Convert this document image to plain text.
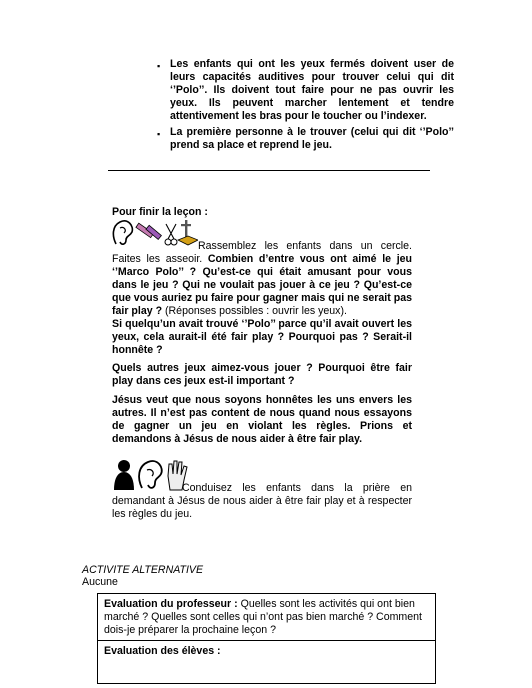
▪ Les enfants qui ont les yeux fermés doivent user de leurs capacités auditives pour trouver celui qui dit ‘’Polo’’. Ils doivent tout faire pour ne pas ouvrir les yeux. Ils peuvent marcher lentement et tendre attentivement les bras pour le toucher ou l’indexer.
▪ La première personne à le trouver (celui qui dit ‘’Polo’’ prend sa place et reprend le jeu.
Pour finir la leçon :
Rassemblez les enfants dans un cercle. Faites les asseoir. Combien d’entre vous ont aimé le jeu ‘’Marco Polo’’ ? Qu’est-ce qui était amusant pour vous dans le jeu ? Qui ne voulait pas jouer à ce jeu ? Qu’est-ce que vous auriez pu faire pour gagner mais qui ne serait pas fair play ? (Réponses possibles : ouvrir les yeux).
Si quelqu’un avait trouvé ‘’Polo’’ parce qu’il avait ouvert les yeux, cela aurait-il été fair play ? Pourquoi pas ? Serait-il honnête ?
Quels autres jeux aimez-vous jouer ? Pourquoi être fair play dans ces jeux est-il important ?
Jésus veut que nous soyons honnêtes les uns envers les autres. Il n’est pas content de nous quand nous essayons de gagner un jeu en violant les règles. Prions et demandons à Jésus de nous aider à être fair play.
Conduisez les enfants dans la prière en demandant à Jésus de nous aider à être fair play et à respecter les règles du jeu.
ACTIVITE ALTERNATIVE
Aucune
Evaluation du professeur : Quelles sont les activités qui ont bien marché ? Quelles sont celles qui n’ont pas bien marché ? Comment dois-je préparer la prochaine leçon ?
Evaluation des élèves :
